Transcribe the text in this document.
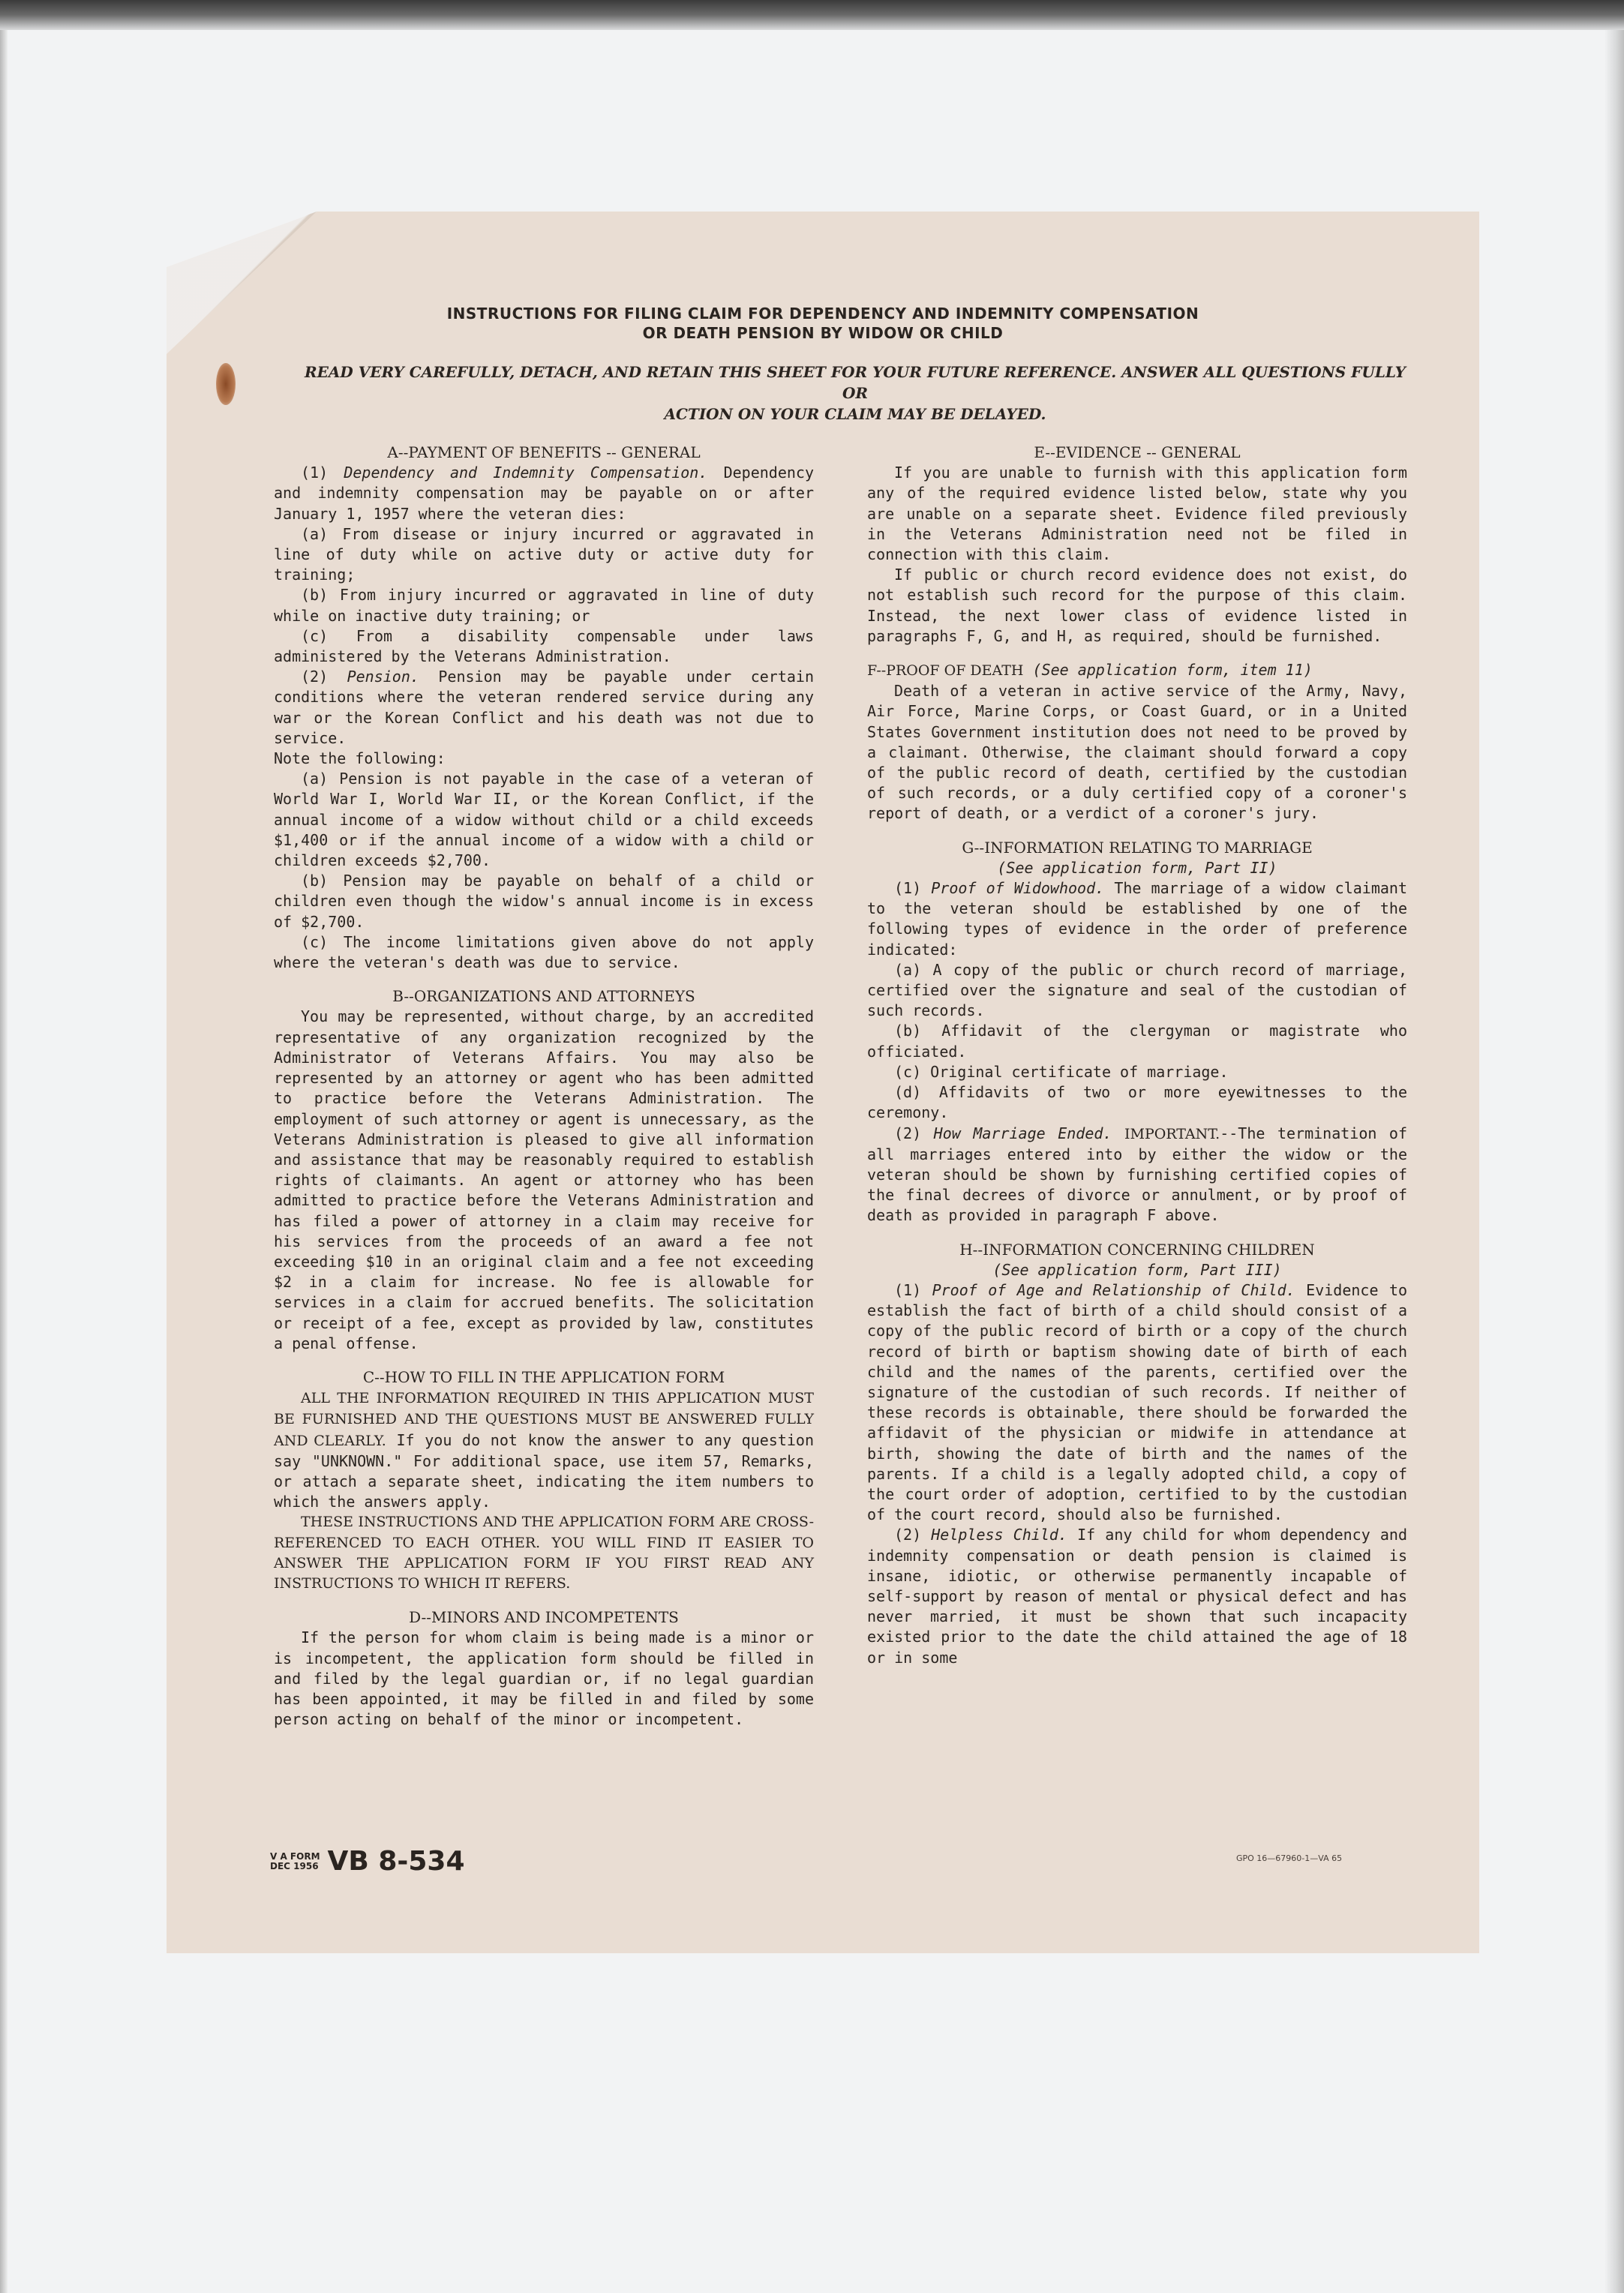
INSTRUCTIONS FOR FILING CLAIM FOR DEPENDENCY AND INDEMNITY COMPENSATION
OR DEATH PENSION BY WIDOW OR CHILD
READ VERY CAREFULLY, DETACH, AND RETAIN THIS SHEET FOR YOUR FUTURE REFERENCE. ANSWER ALL QUESTIONS FULLY OR
ACTION ON YOUR CLAIM MAY BE DELAYED.

A--PAYMENT OF BENEFITS -- GENERAL

(1) Dependency and Indemnity Compensation. Dependency and indemnity compensation may be payable on or after January 1, 1957 where the veteran dies:

(a) From disease or injury incurred or aggravated in line of duty while on active duty or active duty for training;

(b) From injury incurred or aggravated in line of duty while on inactive duty training; or

(c) From a disability compensable under laws administered by the Veterans Administration.

(2) Pension. Pension may be payable under certain conditions where the veteran rendered service during any war or the Korean Conflict and his death was not due to service.

Note the following:

(a) Pension is not payable in the case of a veteran of World War I, World War II, or the Korean Conflict, if the annual income of a widow without child or a child exceeds $1,400 or if the annual income of a widow with a child or children exceeds $2,700.

(b) Pension may be payable on behalf of a child or children even though the widow's annual income is in excess of $2,700.

(c) The income limitations given above do not apply where the veteran's death was due to service.

B--ORGANIZATIONS AND ATTORNEYS

You may be represented, without charge, by an accredited representative of any organization recognized by the Administrator of Veterans Affairs. You may also be represented by an attorney or agent who has been admitted to practice before the Veterans Administration. The employment of such attorney or agent is unnecessary, as the Veterans Administration is pleased to give all information and assistance that may be reasonably required to establish rights of claimants. An agent or attorney who has been admitted to practice before the Veterans Administration and has filed a power of attorney in a claim may receive for his services from the proceeds of an award a fee not exceeding $10 in an original claim and a fee not exceeding $2 in a claim for increase. No fee is allowable for services in a claim for accrued benefits. The solicitation or receipt of a fee, except as provided by law, constitutes a penal offense.

C--HOW TO FILL IN THE APPLICATION FORM

ALL THE INFORMATION REQUIRED IN THIS APPLICATION MUST BE FURNISHED AND THE QUESTIONS MUST BE ANSWERED FULLY AND CLEARLY. If you do not know the answer to any question say "UNKNOWN." For additional space, use item 57, Remarks, or attach a separate sheet, indicating the item numbers to which the answers apply.

THESE INSTRUCTIONS AND THE APPLICATION FORM ARE CROSS-REFERENCED TO EACH OTHER. YOU WILL FIND IT EASIER TO ANSWER THE APPLICATION FORM IF YOU FIRST READ ANY INSTRUCTIONS TO WHICH IT REFERS.

D--MINORS AND INCOMPETENTS

If the person for whom claim is being made is a minor or is incompetent, the application form should be filled in and filed by the legal guardian or, if no legal guardian has been appointed, it may be filled in and filed by some person acting on behalf of the minor or incompetent.

E--EVIDENCE -- GENERAL

If you are unable to furnish with this application form any of the required evidence listed below, state why you are unable on a separate sheet. Evidence filed previously in the Veterans Administration need not be filed in connection with this claim.

If public or church record evidence does not exist, do not establish such record for the purpose of this claim. Instead, the next lower class of evidence listed in paragraphs F, G, and H, as required, should be furnished.

F--PROOF OF DEATH (See application form, item 11)

Death of a veteran in active service of the Army, Navy, Air Force, Marine Corps, or Coast Guard, or in a United States Government institution does not need to be proved by a claimant. Otherwise, the claimant should forward a copy of the public record of death, certified by the custodian of such records, or a duly certified copy of a coroner's report of death, or a verdict of a coroner's jury.

G--INFORMATION RELATING TO MARRIAGE

(See application form, Part II)

(1) Proof of Widowhood. The marriage of a widow claimant to the veteran should be established by one of the following types of evidence in the order of preference indicated:

(a) A copy of the public or church record of marriage, certified over the signature and seal of the custodian of such records.

(b) Affidavit of the clergyman or magistrate who officiated.

(c) Original certificate of marriage.

(d) Affidavits of two or more eyewitnesses to the ceremony.

(2) How Marriage Ended. IMPORTANT.--The termination of all marriages entered into by either the widow or the veteran should be shown by furnishing certified copies of the final decrees of divorce or annulment, or by proof of death as provided in paragraph F above.

H--INFORMATION CONCERNING CHILDREN

(See application form, Part III)

(1) Proof of Age and Relationship of Child. Evidence to establish the fact of birth of a child should consist of a copy of the public record of birth or a copy of the church record of birth or baptism showing date of birth of each child and the names of the parents, certified over the signature of the custodian of such records. If neither of these records is obtainable, there should be forwarded the affidavit of the physician or midwife in attendance at birth, showing the date of birth and the names of the parents. If a child is a legally adopted child, a copy of the court order of adoption, certified to by the custodian of the court record, should also be furnished.

(2) Helpless Child. If any child for whom dependency and indemnity compensation or death pension is claimed is insane, idiotic, or otherwise permanently incapable of self-support by reason of mental or physical defect and has never married, it must be shown that such incapacity existed prior to the date the child attained the age of 18 or in some

V A FORM
DEC 1956 VB 8-534	GPO 16—67960-1—VA 65
